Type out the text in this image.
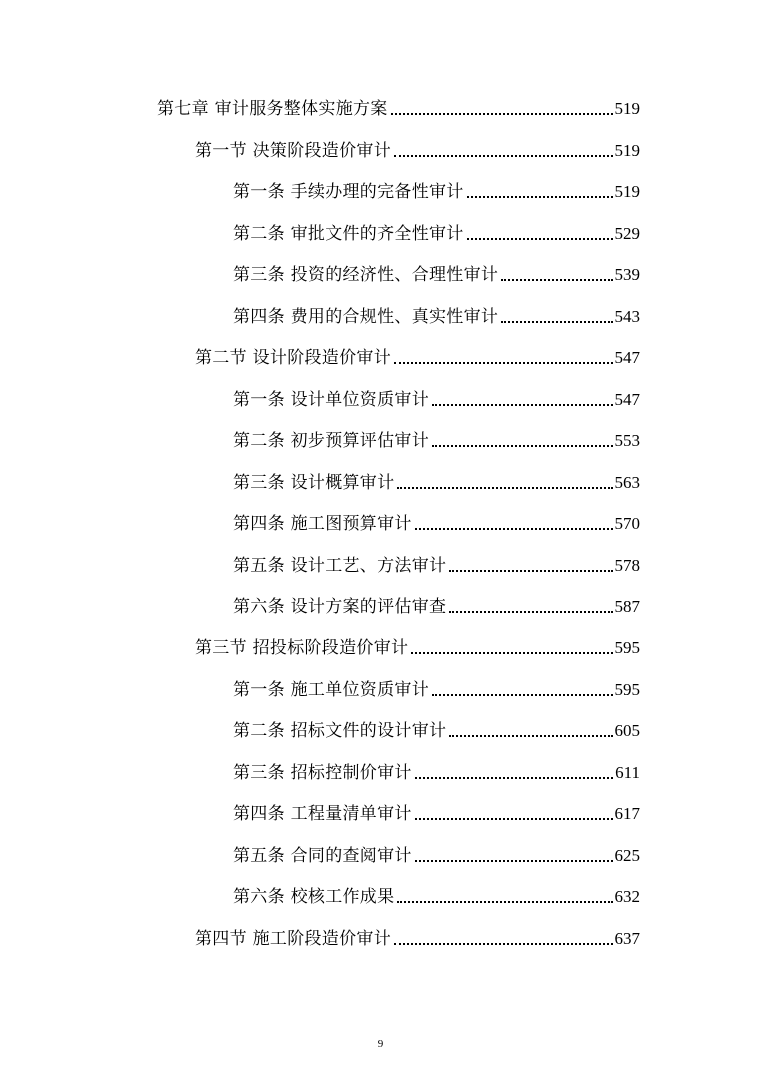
第七章 审计服务整体实施方案	519
第一节 决策阶段造价审计	519
第一条 手续办理的完备性审计	519
第二条 审批文件的齐全性审计	529
第三条 投资的经济性、合理性审计	539
第四条 费用的合规性、真实性审计	543
第二节 设计阶段造价审计	547
第一条 设计单位资质审计	547
第二条 初步预算评估审计	553
第三条 设计概算审计	563
第四条 施工图预算审计	570
第五条 设计工艺、方法审计	578
第六条 设计方案的评估审查	587
第三节 招投标阶段造价审计	595
第一条 施工单位资质审计	595
第二条 招标文件的设计审计	605
第三条 招标控制价审计	611
第四条 工程量清单审计	617
第五条 合同的查阅审计	625
第六条 校核工作成果	632
第四节 施工阶段造价审计	637
9
